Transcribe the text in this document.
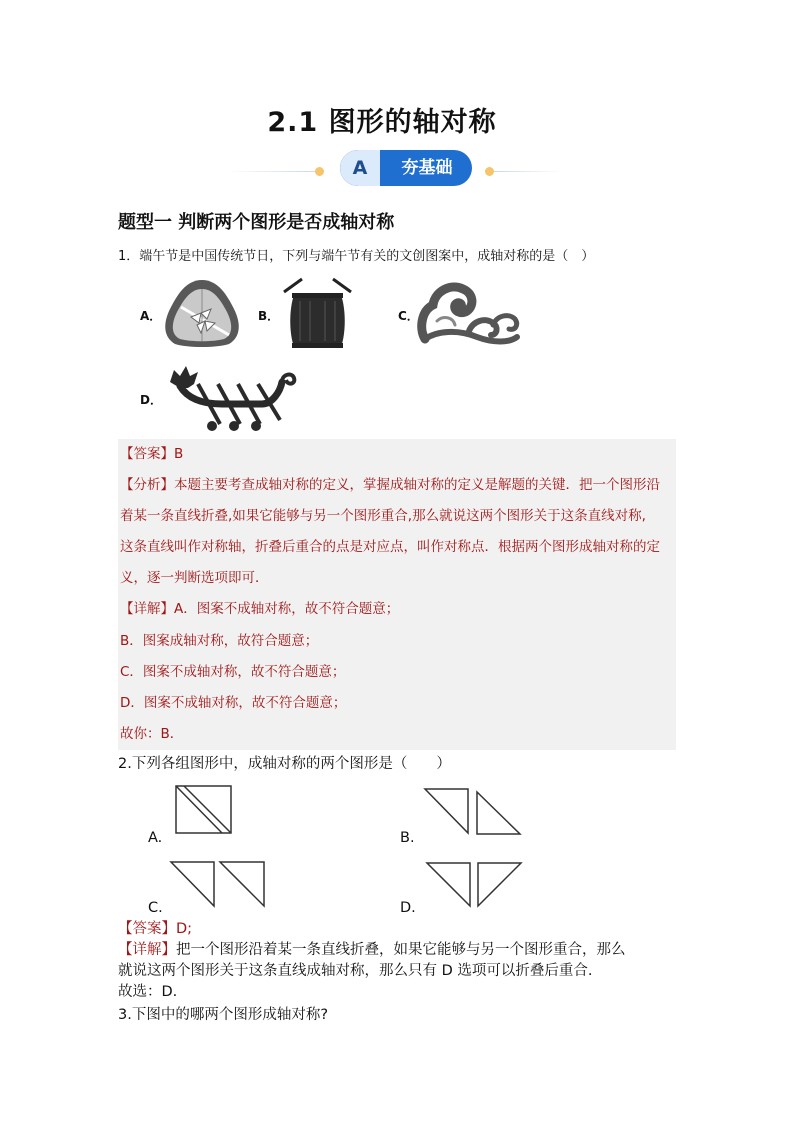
2.1 图形的轴对称
A	夯基础
题型一 判断两个图形是否成轴对称
1．端午节是中国传统节日，下列与端午节有关的文创图案中，成轴对称的是（　）
A．	B．	C．
D．
【答案】B
【分析】本题主要考查成轴对称的定义，掌握成轴对称的定义是解题的关键．把一个图形沿
着某一条直线折叠,如果它能够与另一个图形重合,那么就说这两个图形关于这条直线对称,
这条直线叫作对称轴，折叠后重合的点是对应点，叫作对称点．根据两个图形成轴对称的定
义，逐一判断选项即可．
【详解】A．图案不成轴对称，故不符合题意；
B．图案成轴对称，故符合题意；
C．图案不成轴对称，故不符合题意；
D．图案不成轴对称，故不符合题意；
故你：B．
2.下列各组图形中，成轴对称的两个图形是（　　）
A.	B.
C.	D.
【答案】D;
【详解】把一个图形沿着某一条直线折叠，如果它能够与另一个图形重合，那么
就说这两个图形关于这条直线成轴对称，那么只有 D 选项可以折叠后重合.
故选：D.
3.下图中的哪两个图形成轴对称?
